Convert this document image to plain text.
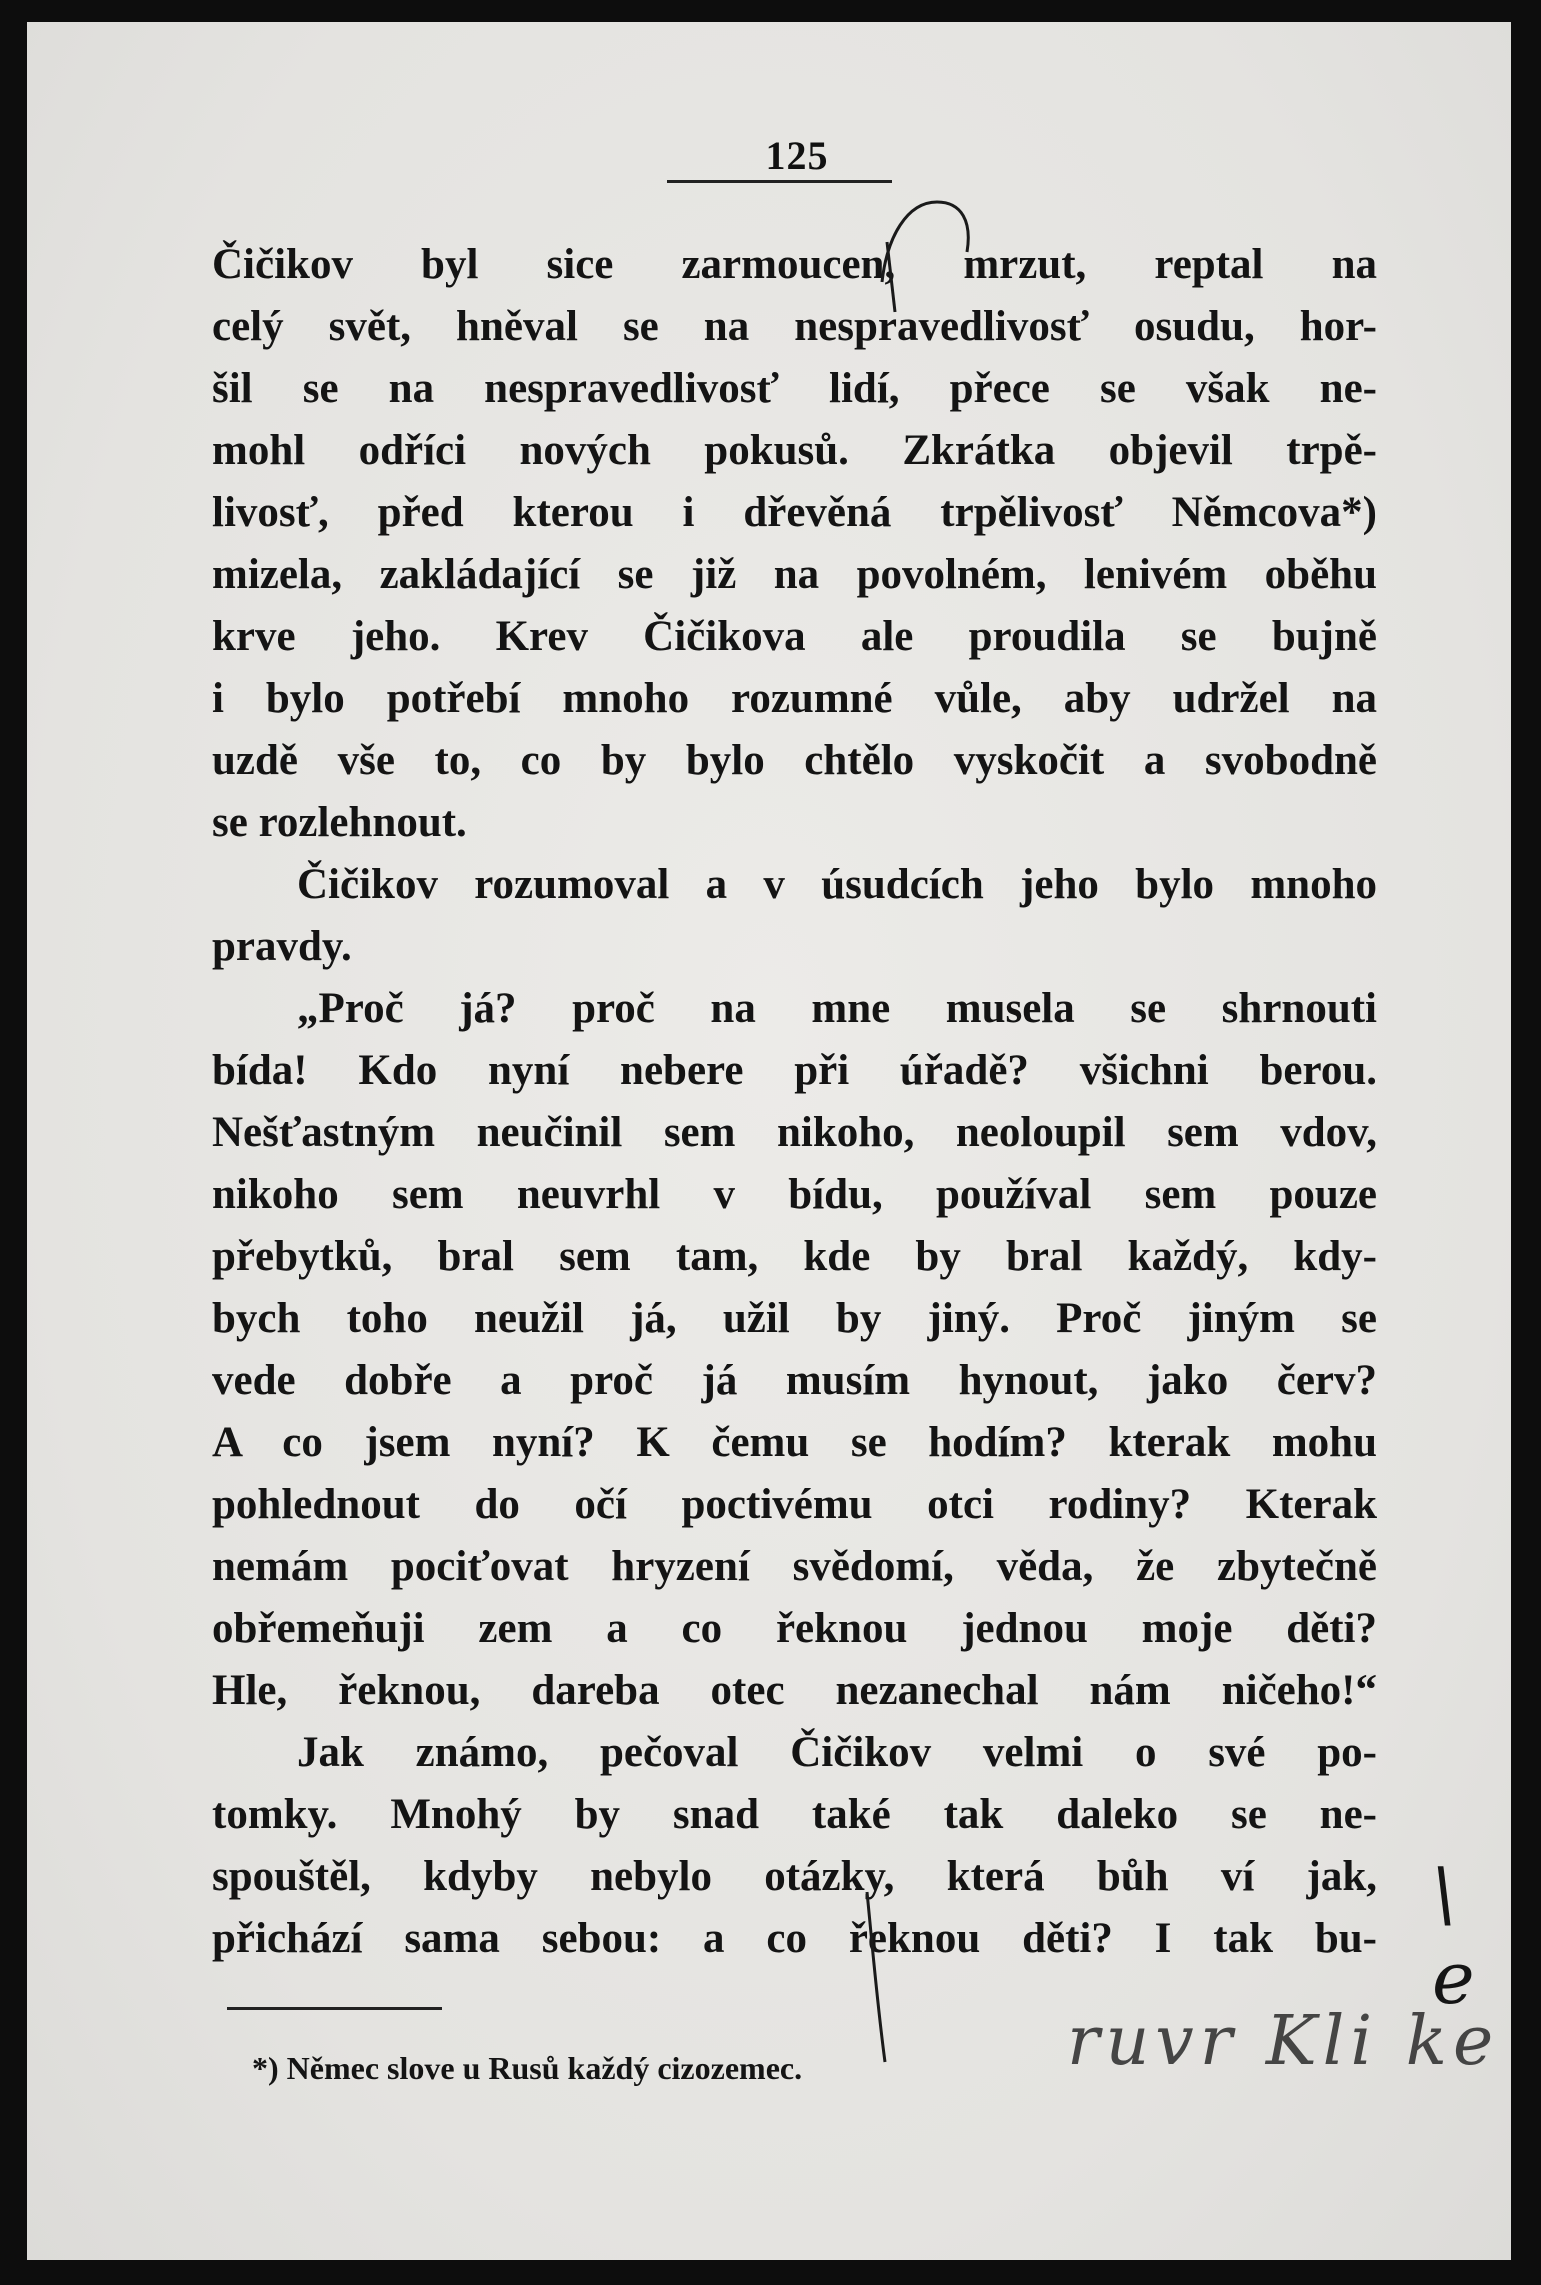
125
Čičikov byl sice zarmoucen, mrzut, reptal na
celý svět, hněval se na nespravedlivosť osudu, hor-
šil se na nespravedlivosť lidí, přece se však ne-
mohl odříci nových pokusů. Zkrátka objevil trpě-
livosť, před kterou i dřevěná trpělivosť Němcova*)
mizela, zakládající se již na povolném, lenivém oběhu
krve jeho. Krev Čičikova ale proudila se bujně
i bylo potřebí mnoho rozumné vůle, aby udržel na
uzdě vše to, co by bylo chtělo vyskočit a svobodně
se rozlehnout.
Čičikov rozumoval a v úsudcích jeho bylo mnoho
pravdy.
„Proč já? proč na mne musela se shrnouti
bída! Kdo nyní nebere při úřadě? všichni berou.
Nešťastným neučinil sem nikoho, neoloupil sem vdov,
nikoho sem neuvrhl v bídu, používal sem pouze
přebytků, bral sem tam, kde by bral každý, kdy-
bych toho neužil já, užil by jiný. Proč jiným se
vede dobře a proč já musím hynout, jako červ?
A co jsem nyní? K čemu se hodím? kterak mohu
pohlednout do očí poctivému otci rodiny? Kterak
nemám pociťovat hryzení svědomí, věda, že zbytečně
obřemeňuji zem a co řeknou jednou moje děti?
Hle, řeknou, dareba otec nezanechal nám ničeho!“
Jak známo, pečoval Čičikov velmi o své po-
tomky. Mnohý by snad také tak daleko se ne-
spouštěl, kdyby nebylo otázky, která bůh ví jak,
přichází sama sebou: a co řeknou děti? I tak bu-
*) Němec slove u Rusů každý cizozemec.
\ e
ruvr Kli ke
